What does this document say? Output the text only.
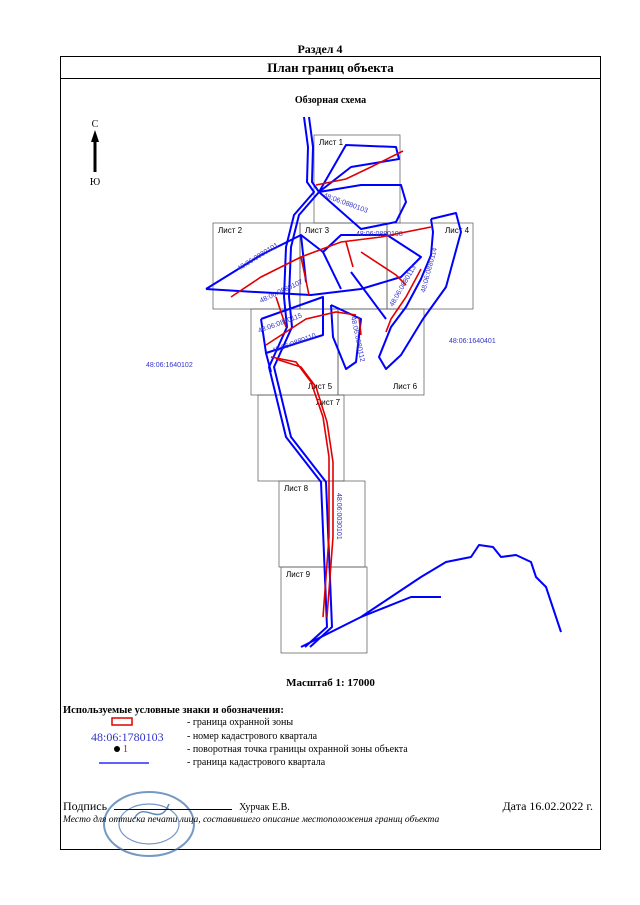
Раздел 4
План границ объекта
Обзорная схема
Лист 1
Лист 2	Лист 3	Лист 4
Лист 5	Лист 6
Лист 7
Лист 8
Лист 9
48:06:0880103
48:06:0880101
48:06:0880107
48:06:0880108
48:06:0880113 48:06:0880114
48:06:0880115
48:06:0880110	48:06:0880112	48:06:1640401
48:06:1640102
48:06:0030101
С
Ю
Масштаб 1: 17000
Используемые условные знаки и обозначения:
- граница охранной зоны
48:06:1780103 - номер кадастрового квартала
1	- поворотная точка границы охранной зоны объекта
- граница кадастрового квартала
Подпись	Хурчак Е.В.	Дата 16.02.2022 г.
Место для оттиска печати лица, составившего описание местоположения границ объекта
